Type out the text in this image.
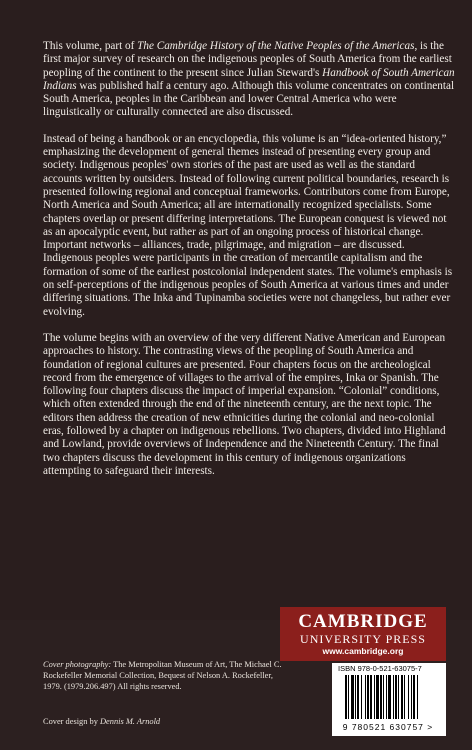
This volume, part of The Cambridge History of the Native Peoples of the Americas, is the first major survey of research on the indigenous peoples of South America from the earliest peopling of the continent to the present since Julian Steward's Handbook of South American Indians was published half a century ago. Although this volume concentrates on continental South America, peoples in the Caribbean and lower Central America who were linguistically or culturally connected are also discussed.

Instead of being a handbook or an encyclopedia, this volume is an “idea-oriented history,” emphasizing the development of general themes instead of presenting every group and society. Indigenous peoples' own stories of the past are used as well as the standard accounts written by outsiders. Instead of following current political boundaries, research is presented following regional and conceptual frameworks. Contributors come from Europe, North America and South America; all are internationally recognized specialists. Some chapters overlap or present differing interpretations. The European conquest is viewed not as an apocalyptic event, but rather as part of an ongoing process of historical change. Important networks – alliances, trade, pilgrimage, and migration – are discussed. Indigenous peoples were participants in the creation of mercantile capitalism and the formation of some of the earliest postcolonial independent states. The volume's emphasis is on self-perceptions of the indigenous peoples of South America at various times and under differing situations. The Inka and Tupinamba societies were not changeless, but rather ever evolving.

The volume begins with an overview of the very different Native American and European approaches to history. The contrasting views of the peopling of South America and foundation of regional cultures are presented. Four chapters focus on the archeological record from the emergence of villages to the arrival of the empires, Inka or Spanish. The following four chapters discuss the impact of imperial expansion. “Colonial” conditions, which often extended through the end of the nineteenth century, are the next topic. The editors then address the creation of new ethnicities during the colonial and neo-colonial eras, followed by a chapter on indigenous rebellions. Two chapters, divided into Highland and Lowland, provide overviews of Independence and the Nineteenth Century. The final two chapters discuss the development in this century of indigenous organizations attempting to safeguard their interests.

CAMBRIDGE
UNIVERSITY PRESS
www.cambridge.org
Cover photography: The Metropolitan Museum of Art, The Michael C. Rockefeller Memorial Collection, Bequest of Nelson A. Rockefeller, 1979. (1979.206.497) All rights reserved.
Cover design by Dennis M. Arnold
ISBN 978-0-521-63075-7
9 780521 630757 >
